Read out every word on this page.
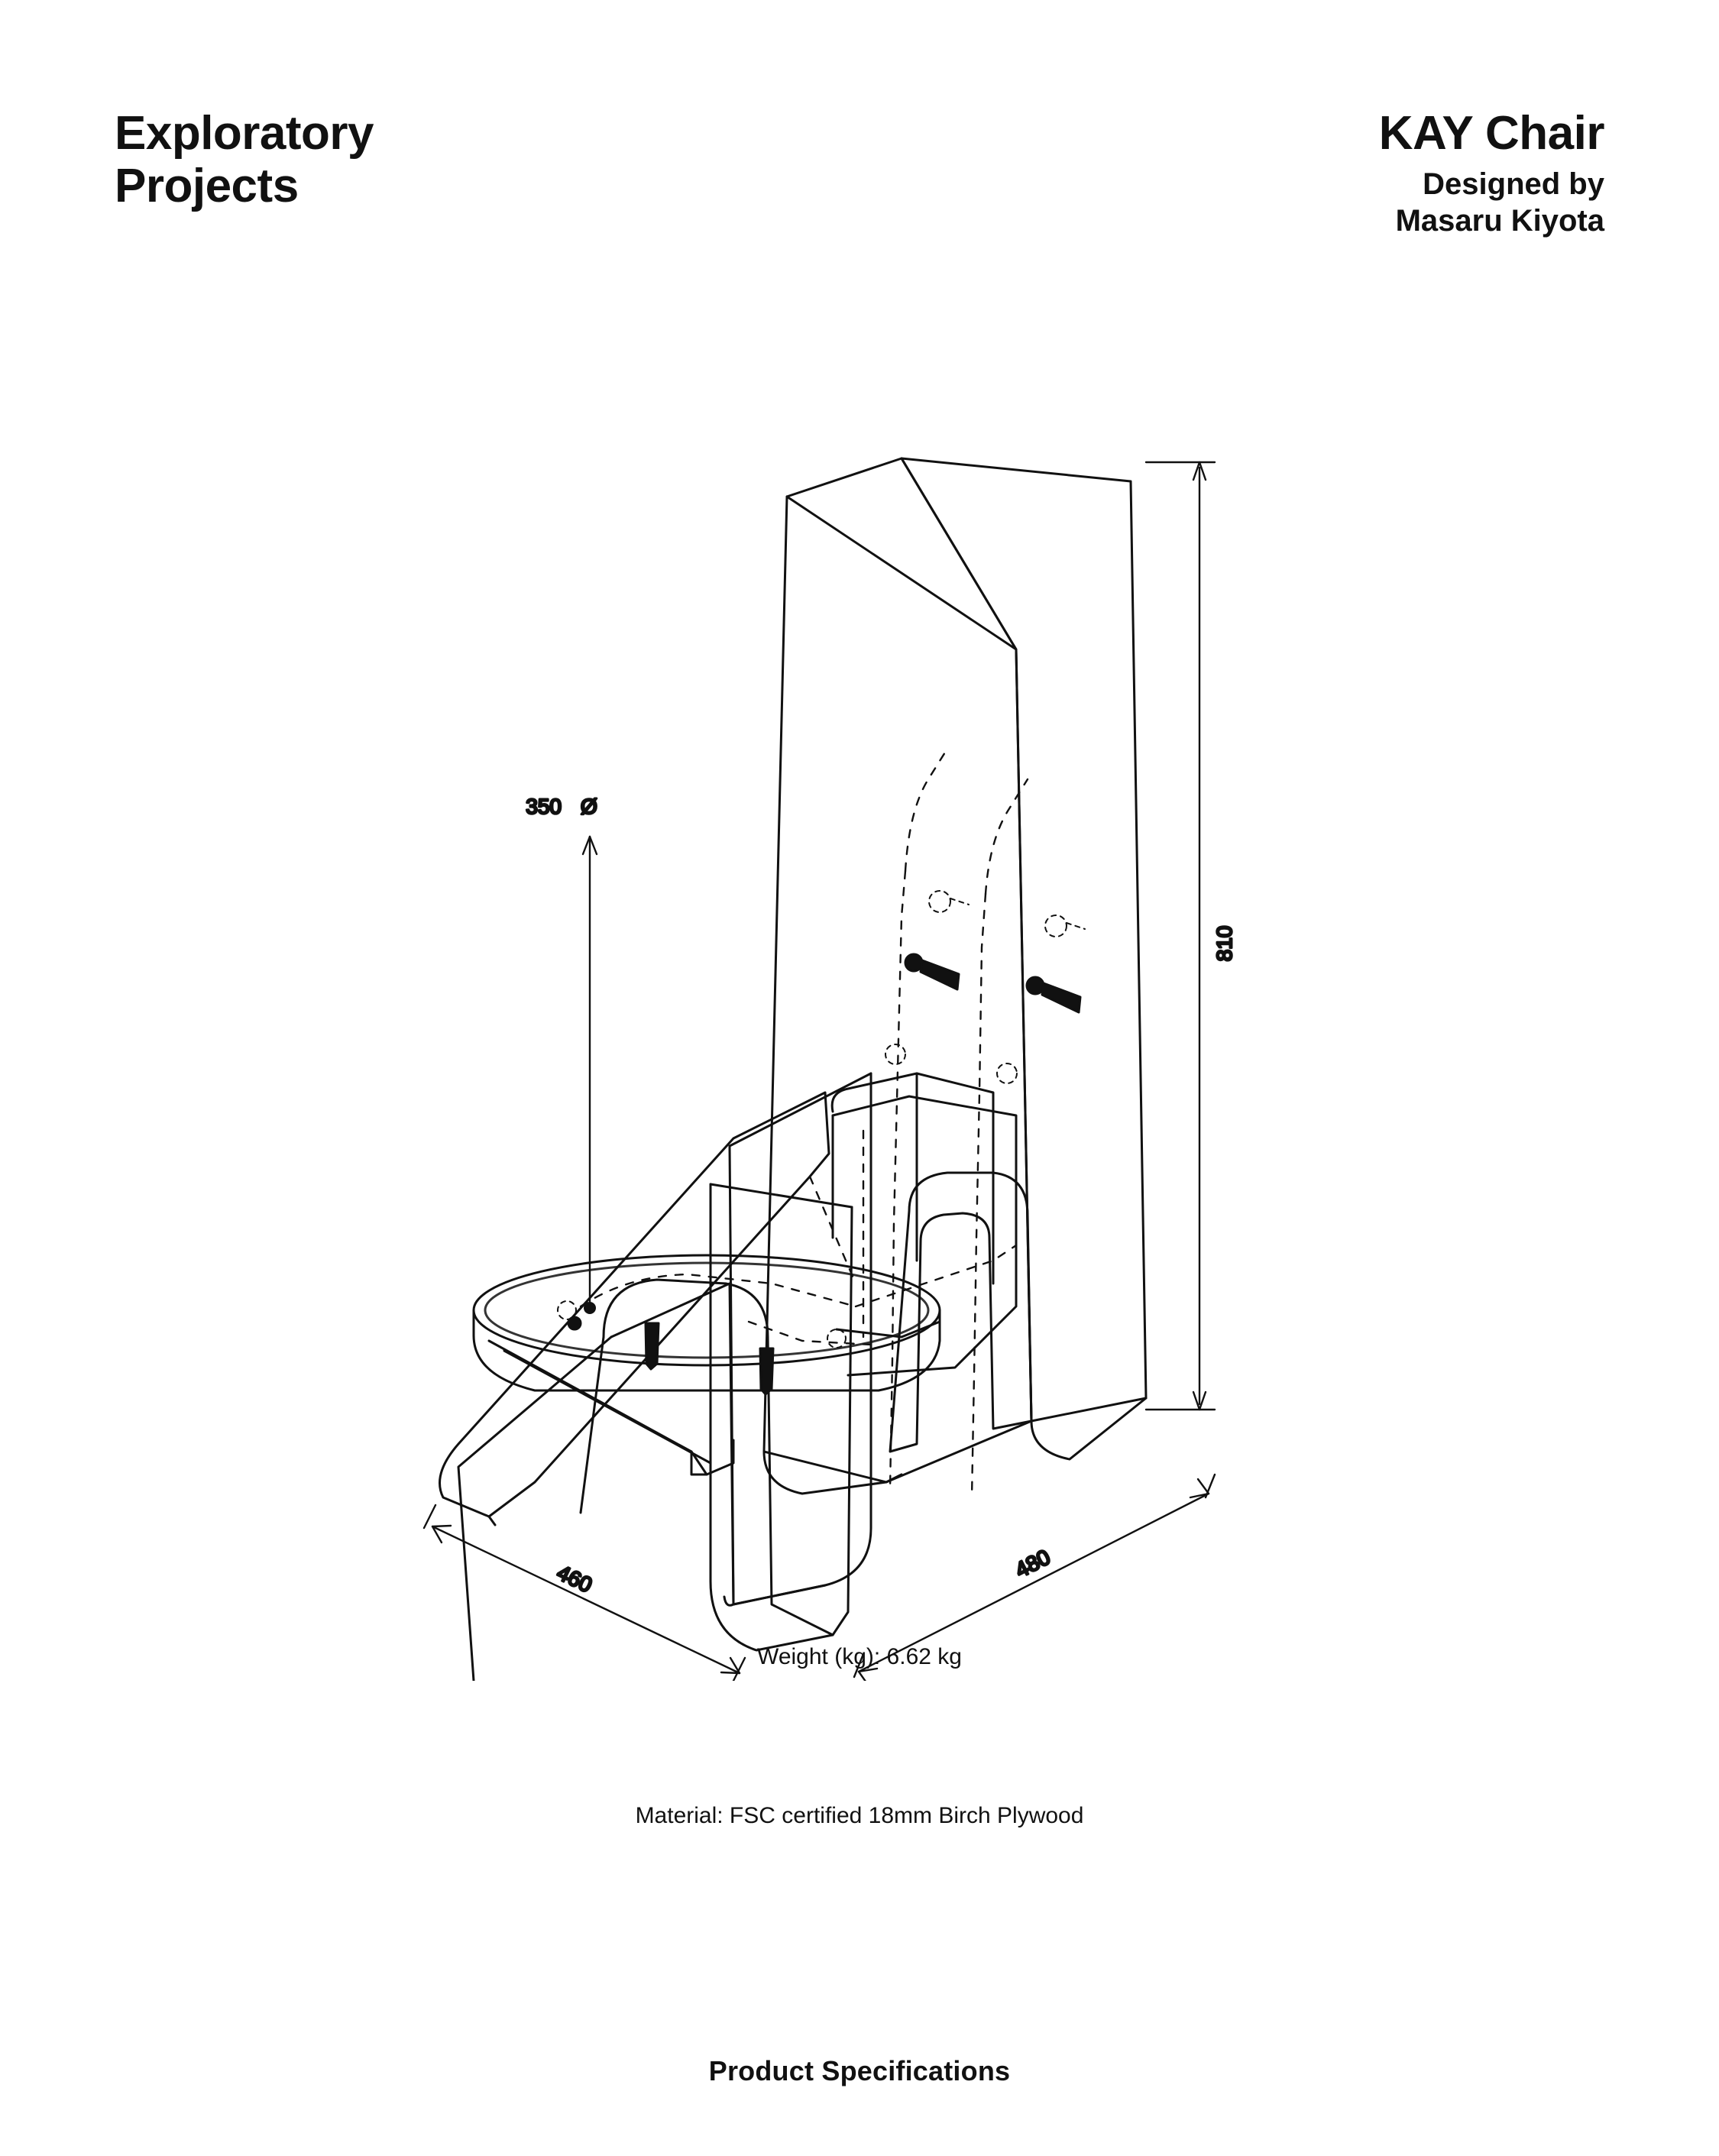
Exploratory
Projects
KAY Chair
Designed by
Masaru Kiyota
810
460	480
350 Ø
Weight (kg): 6.62 kg
Material: FSC certified 18mm Birch Plywood
Product Specifications
